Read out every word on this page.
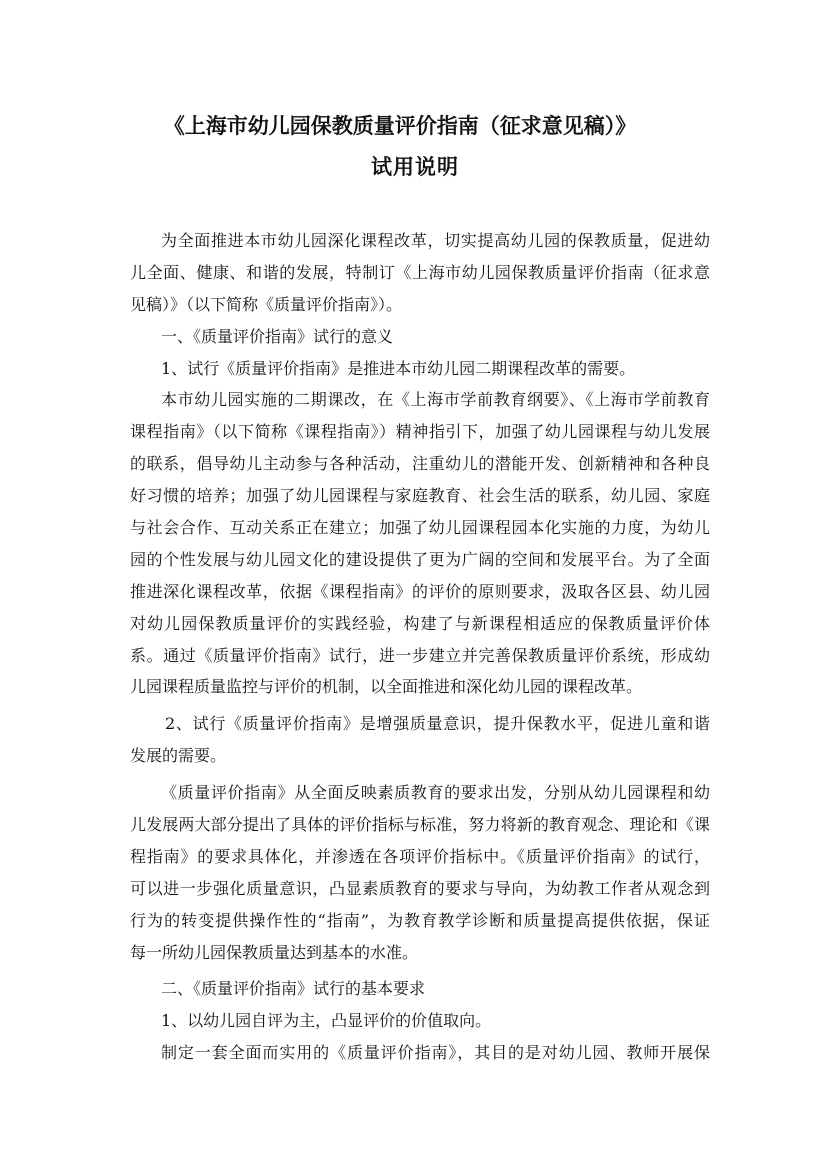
《上海市幼儿园保教质量评价指南（征求意见稿）》
试用说明
为全面推进本市幼儿园深化课程改革，切实提高幼儿园的保教质量，促进幼
儿全面、健康、和谐的发展，特制订《上海市幼儿园保教质量评价指南（征求意
见稿）》（以下简称《质量评价指南》）。
一、《质量评价指南》试行的意义
1、试行《质量评价指南》是推进本市幼儿园二期课程改革的需要。
本市幼儿园实施的二期课改，在《上海市学前教育纲要》、《上海市学前教育
课程指南》（以下简称《课程指南》）精神指引下，加强了幼儿园课程与幼儿发展
的联系，倡导幼儿主动参与各种活动，注重幼儿的潜能开发、创新精神和各种良
好习惯的培养；加强了幼儿园课程与家庭教育、社会生活的联系，幼儿园、家庭
与社会合作、互动关系正在建立；加强了幼儿园课程园本化实施的力度，为幼儿
园的个性发展与幼儿园文化的建设提供了更为广阔的空间和发展平台。为了全面
推进深化课程改革，依据《课程指南》的评价的原则要求，汲取各区县、幼儿园
对幼儿园保教质量评价的实践经验，构建了与新课程相适应的保教质量评价体
系。通过《质量评价指南》试行，进一步建立并完善保教质量评价系统，形成幼
儿园课程质量监控与评价的机制，以全面推进和深化幼儿园的课程改革。
2、试行《质量评价指南》是增强质量意识，提升保教水平，促进儿童和谐
发展的需要。
《质量评价指南》从全面反映素质教育的要求出发，分别从幼儿园课程和幼
儿发展两大部分提出了具体的评价指标与标准，努力将新的教育观念、理论和《课
程指南》的要求具体化，并渗透在各项评价指标中。《质量评价指南》的试行，
可以进一步强化质量意识，凸显素质教育的要求与导向，为幼教工作者从观念到
行为的转变提供操作性的“指南”，为教育教学诊断和质量提高提供依据，保证
每一所幼儿园保教质量达到基本的水准。
二、《质量评价指南》试行的基本要求
1、以幼儿园自评为主，凸显评价的价值取向。
制定一套全面而实用的《质量评价指南》，其目的是对幼儿园、教师开展保
